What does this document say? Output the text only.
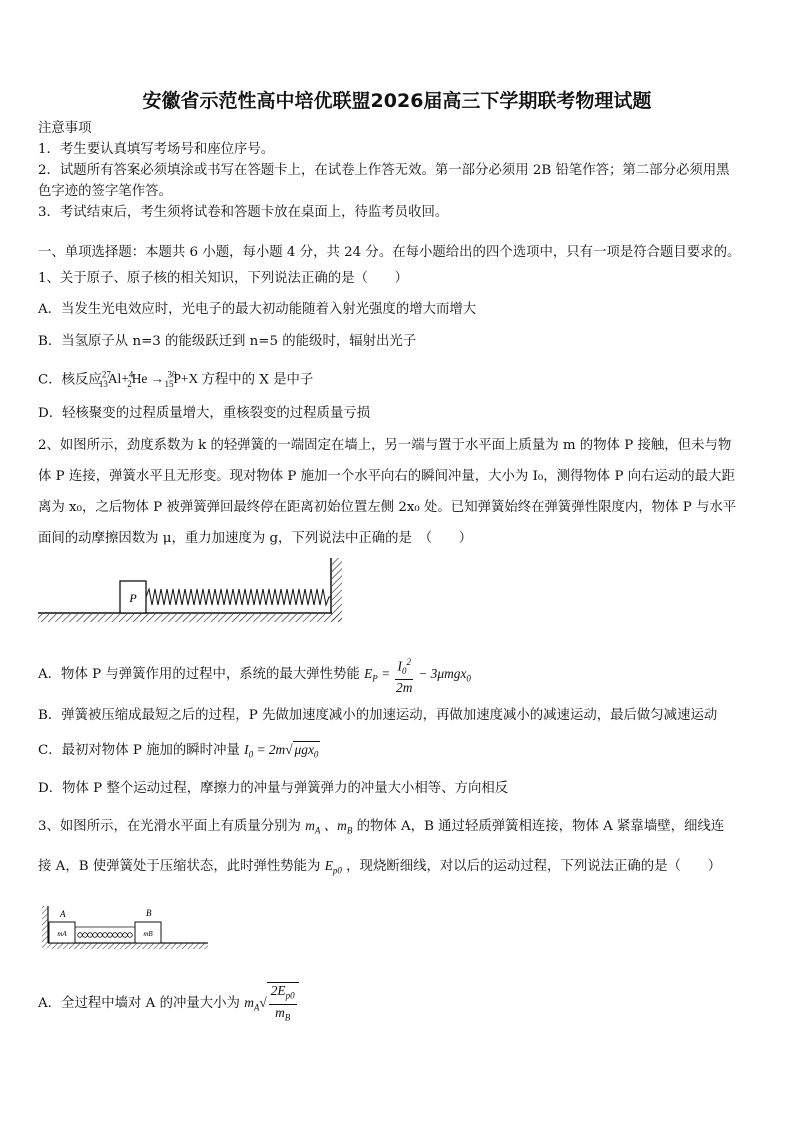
安徽省示范性高中培优联盟2026届高三下学期联考物理试题
注意事项
1．考生要认真填写考场号和座位序号。
2．试题所有答案必须填涂或书写在答题卡上，在试卷上作答无效。第一部分必须用 2B 铅笔作答；第二部分必须用黑
色字迹的签字笔作答。
3．考试结束后，考生须将试卷和答题卡放在桌面上，待监考员收回。
一、单项选择题：本题共 6 小题，每小题 4 分，共 24 分。在每小题给出的四个选项中，只有一项是符合题目要求的。
1、关于原子、原子核的相关知识，下列说法正确的是（　　）
A．当发生光电效应时，光电子的最大初动能随着入射光强度的增大而增大
B．当氢原子从 n=3 的能级跃迁到 n=5 的能级时，辐射出光子
C．核反应$^{27}_{13}$Al+$^4_2$He → $^{30}_{15}$P+X 方程中的 X 是中子
D．轻核聚变的过程质量增大，重核裂变的过程质量亏损
2、如图所示，劲度系数为 k 的轻弹簧的一端固定在墙上，另一端与置于水平面上质量为 m 的物体 P 接触，但未与物
体 P 连接，弹簧水平且无形变。现对物体 P 施加一个水平向右的瞬间冲量，大小为 I₀，测得物体 P 向右运动的最大距
离为 x₀，之后物体 P 被弹簧弹回最终停在距离初始位置左侧 2x₀ 处。已知弹簧始终在弹簧弹性限度内，物体 P 与水平
面间的动摩擦因数为 μ，重力加速度为 g，下列说法中正确的是　（　　）
P
A．物体 P 与弹簧作用的过程中，系统的最大弹性势能 $E_P = \frac{I_0^2}{2m} - 3\mu mgx_0$
B．弹簧被压缩成最短之后的过程，P 先做加速度减小的加速运动，再做加速度减小的减速运动，最后做匀减速运动
C．最初对物体 P 施加的瞬时冲量 $I_0 = 2m√$ μgx$_0$
D．物体 P 整个运动过程，摩擦力的冲量与弹簧弹力的冲量大小相等、方向相反
3、如图所示，在光滑水平面上有质量分别为 $m_A$ 、$m_B$ 的物体 A，B 通过轻质弹簧相连接，物体 A 紧靠墙壁，细线连
接 A，B 使弹簧处于压缩状态，此时弹性势能为 $E_{p0}$ ，现烧断细线，对以后的运动过程，下列说法正确的是（　　）
A	B
mA	mB
A．全过程中墙对 A 的冲量大小为 $m_A√ \frac{2E_{p0}}{m_B}$
